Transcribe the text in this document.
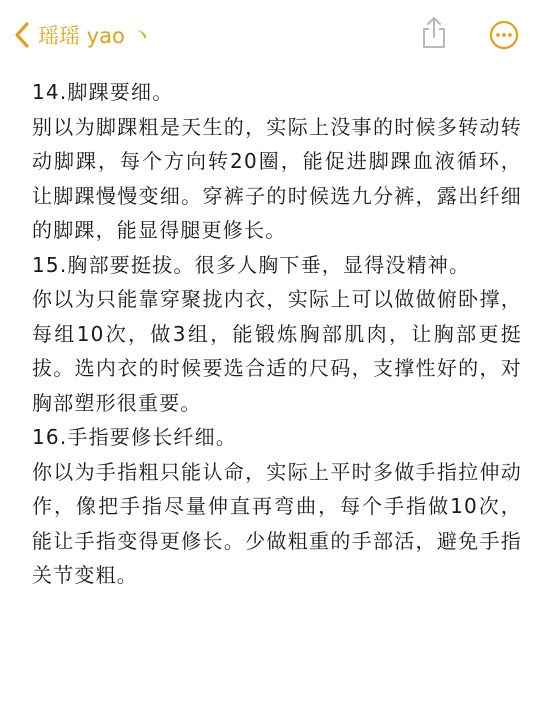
瑶瑶 yao 丶

14.脚踝要细。

别以为脚踝粗是天生的，实际上没事的时候多转动转动脚踝，每个方向转20圈，能促进脚踝血液循环，让脚踝慢慢变细。穿裤子的时候选九分裤，露出纤细的脚踝，能显得腿更修长。

15.胸部要挺拔。很多人胸下垂，显得没精神。

你以为只能靠穿聚拢内衣，实际上可以做做俯卧撑，每组10次，做3组，能锻炼胸部肌肉，让胸部更挺拔。选内衣的时候要选合适的尺码，支撑性好的，对胸部塑形很重要。

16.手指要修长纤细。

你以为手指粗只能认命，实际上平时多做手指拉伸动作，像把手指尽量伸直再弯曲，每个手指做10次，能让手指变得更修长。少做粗重的手部活，避免手指关节变粗。
